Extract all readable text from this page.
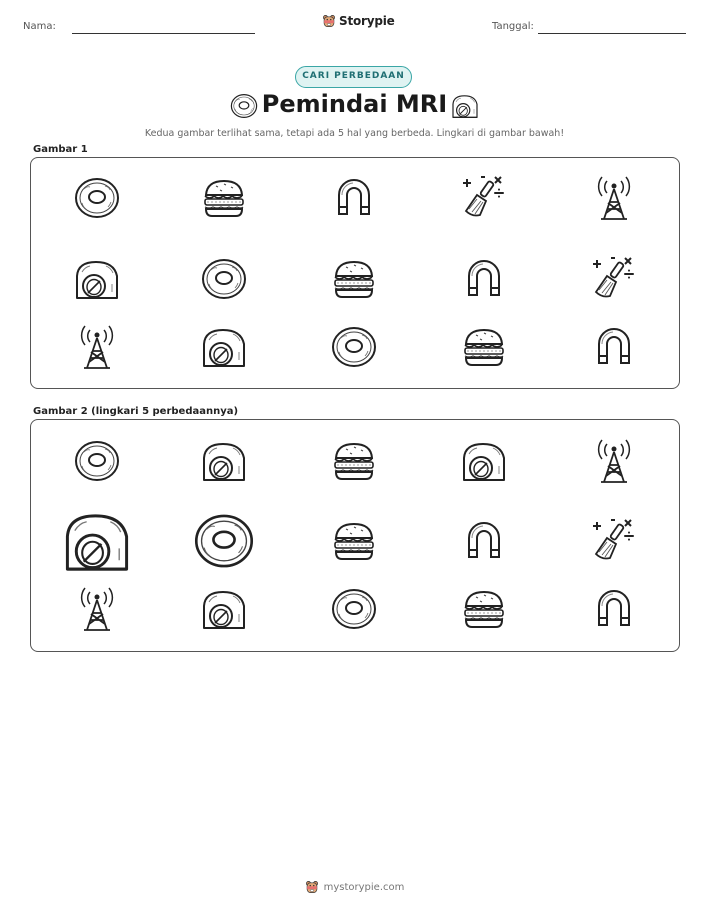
Nama:	Storypie	Tanggal:
CARI PERBEDAAN
Pemindai MRI
Kedua gambar terlihat sama, tetapi ada 5 hal yang berbeda. Lingkari di gambar bawah!
Gambar 1
Gambar 2 (lingkari 5 perbedaannya)
mystorypie.com
